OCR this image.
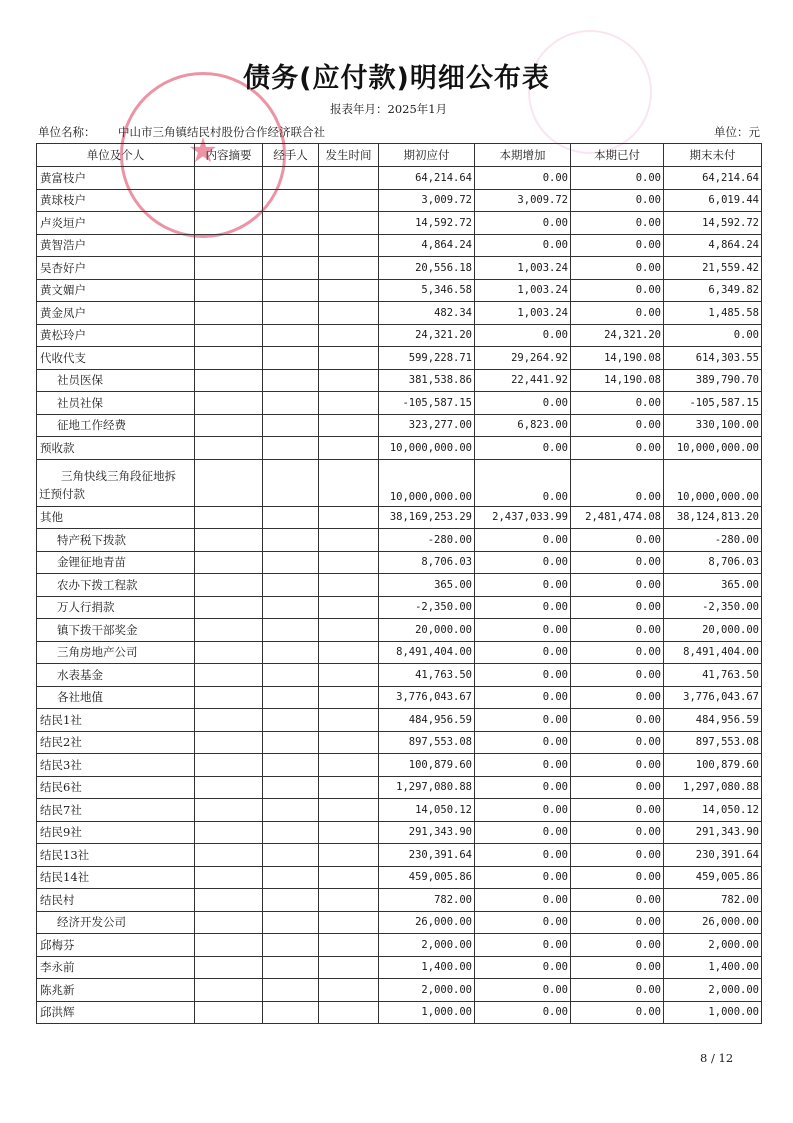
★
债务(应付款)明细公布表
报表年月：2025年1月
单位名称： 中山市三角镇结民村股份合作经济联合社	单位：元
单位及个人	内容摘要	经手人	发生时间	期初应付	本期增加	本期已付	期末未付
黄富枝户				64,214.64	0.00	0.00	64,214.64
黄球枝户				3,009.72	3,009.72	0.00	6,019.44
卢炎垣户				14,592.72	0.00	0.00	14,592.72
黄智浩户				4,864.24	0.00	0.00	4,864.24
吴杏好户				20,556.18	1,003.24	0.00	21,559.42
黄文媚户				5,346.58	1,003.24	0.00	6,349.82
黄金凤户				482.34	1,003.24	0.00	1,485.58
黄松玲户				24,321.20	0.00	24,321.20	0.00
代收代支				599,228.71	29,264.92	14,190.08	614,303.55
社员医保				381,538.86	22,441.92	14,190.08	389,790.70
社员社保				-105,587.15	0.00	0.00	-105,587.15
征地工作经费				323,277.00	6,823.00	0.00	330,100.00
预收款				10,000,000.00	0.00	0.00	10,000,000.00

三角快线三角段征地拆
迁预付款				10,000,000.00	0.00	0.00	10,000,000.00
其他				38,169,253.29	2,437,033.99	2,481,474.08	38,124,813.20
特产税下拨款				-280.00	0.00	0.00	-280.00
金锂征地青苗				8,706.03	0.00	0.00	8,706.03
农办下拨工程款				365.00	0.00	0.00	365.00
万人行捐款				-2,350.00	0.00	0.00	-2,350.00
镇下拨干部奖金				20,000.00	0.00	0.00	20,000.00
三角房地产公司				8,491,404.00	0.00	0.00	8,491,404.00
水表基金				41,763.50	0.00	0.00	41,763.50
各社地值				3,776,043.67	0.00	0.00	3,776,043.67
结民1社				484,956.59	0.00	0.00	484,956.59
结民2社				897,553.08	0.00	0.00	897,553.08
结民3社				100,879.60	0.00	0.00	100,879.60
结民6社				1,297,080.88	0.00	0.00	1,297,080.88
结民7社				14,050.12	0.00	0.00	14,050.12
结民9社				291,343.90	0.00	0.00	291,343.90
结民13社				230,391.64	0.00	0.00	230,391.64
结民14社				459,005.86	0.00	0.00	459,005.86
结民村				782.00	0.00	0.00	782.00
经济开发公司				26,000.00	0.00	0.00	26,000.00
邱梅芬				2,000.00	0.00	0.00	2,000.00
李永前				1,400.00	0.00	0.00	1,400.00
陈兆新				2,000.00	0.00	0.00	2,000.00
邱洪辉				1,000.00	0.00	0.00	1,000.00
8 / 12
